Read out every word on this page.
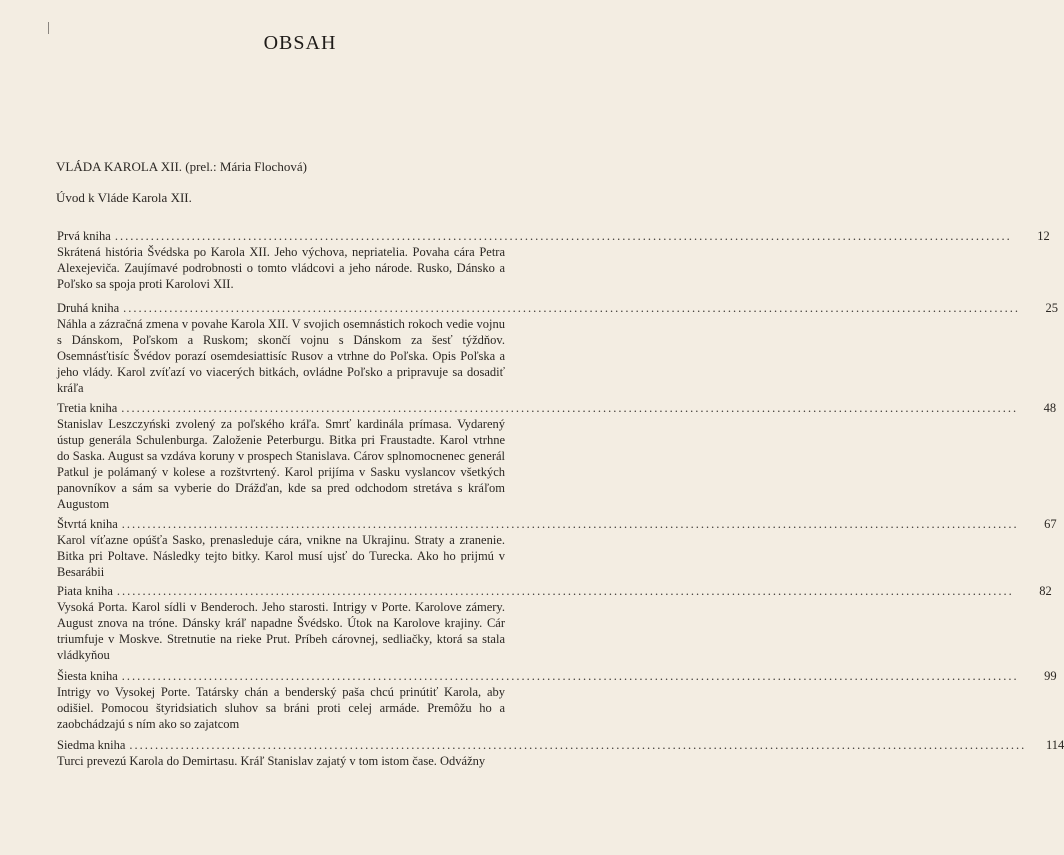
OBSAH
VLÁDA KAROLA XII. (prel.: Mária Flochová)
Úvod k Vláde Karola XII.
Prvá kniha ...............................................................................................................................................................................	12
Skrátená história Švédska po Karola XII. Jeho výchova, nepriatelia. Povaha cára Petra Alexejeviča. Zaujímavé podrobnosti o tomto vládcovi a jeho národe. Rusko, Dánsko a Poľsko sa spoja proti Karolovi XII.
Druhá kniha ...............................................................................................................................................................................	25
Náhla a zázračná zmena v povahe Karola XII. V svojich osemnástich rokoch vedie vojnu s Dánskom, Poľskom a Ruskom; skončí vojnu s Dánskom za šesť týždňov. Osemnásťtisíc Švédov porazí osemdesiattisíc Rusov a vtrhne do Poľska. Opis Poľska a jeho vlády. Karol zvíťazí vo viacerých bitkách, ovládne Poľsko a pripravuje sa dosadiť kráľa
Tretia kniha ...............................................................................................................................................................................	48
Stanislav Leszczyński zvolený za poľského kráľa. Smrť kardinála prímasa. Vydarený ústup generála Schulenburga. Založenie Peterburgu. Bitka pri Fraustadte. Karol vtrhne do Saska. August sa vzdáva koruny v prospech Stanislava. Cárov splnomocnenec generál Patkul je polámaný v kolese a rozštvrtený. Karol prijíma v Sasku vyslancov všetkých panovníkov a sám sa vyberie do Drážďan, kde sa pred odchodom stretáva s kráľom Augustom
Štvrtá kniha ...............................................................................................................................................................................	67
Karol víťazne opúšťa Sasko, prenasleduje cára, vnikne na Ukrajinu. Straty a zranenie. Bitka pri Poltave. Následky tejto bitky. Karol musí ujsť do Turecka. Ako ho prijmú v Besarábii
Piata kniha ...............................................................................................................................................................................	82
Vysoká Porta. Karol sídli v Benderoch. Jeho starosti. Intrigy v Porte. Karolove zámery. August znova na tróne. Dánsky kráľ napadne Švédsko. Útok na Karolove krajiny. Cár triumfuje v Moskve. Stretnutie na rieke Prut. Príbeh cárovnej, sedliačky, ktorá sa stala vládkyňou
Šiesta kniha ...............................................................................................................................................................................	99
Intrigy vo Vysokej Porte. Tatársky chán a benderský paša chcú prinútiť Karola, aby odišiel. Pomocou štyridsiatich sluhov sa bráni proti celej armáde. Premôžu ho a zaobchádzajú s ním ako so zajatcom
Siedma kniha ...............................................................................................................................................................................	114
Turci prevezú Karola do Demirtasu. Kráľ Stanislav zajatý v tom istom čase. Odvážny
